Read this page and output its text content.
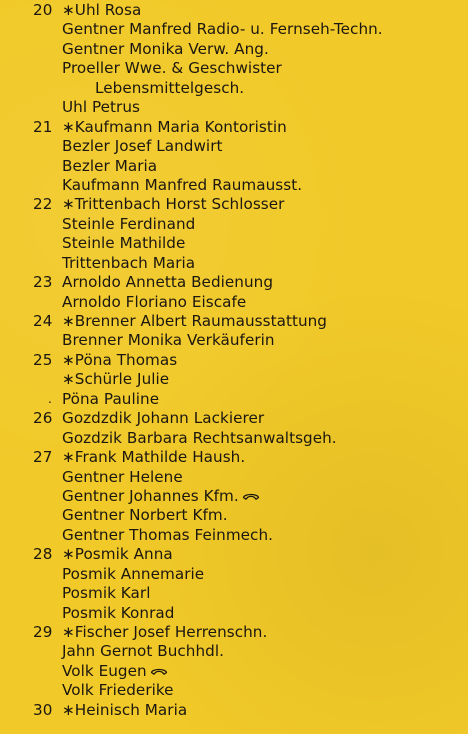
20 ∗Uhl Rosa
Gentner Manfred Radio- u. Fernseh-Techn.
Gentner Monika Verw. Ang.
Proeller Wwe. & Geschwister
Lebensmittelgesch.
Uhl Petrus
21 ∗Kaufmann Maria Kontoristin
Bezler Josef Landwirt
Bezler Maria
Kaufmann Manfred Raumausst.
22 ∗Trittenbach Horst Schlosser
Steinle Ferdinand
Steinle Mathilde
Trittenbach Maria
23 Arnoldo Annetta Bedienung
Arnoldo Floriano Eiscafe
24 ∗Brenner Albert Raumausstattung
Brenner Monika Verkäuferin
25 ∗Pöna Thomas
∗Schürle Julie
. Pöna Pauline
26 Gozdzdik Johann Lackierer
Gozdzik Barbara Rechtsanwaltsgeh.
27 ∗Frank Mathilde Haush.
Gentner Helene
Gentner Johannes Kfm.
Gentner Norbert Kfm.
Gentner Thomas Feinmech.
28 ∗Posmik Anna
Posmik Annemarie
Posmik Karl
Posmik Konrad
29 ∗Fischer Josef Herrenschn.
Jahn Gernot Buchhdl.
Volk Eugen
Volk Friederike
30 ∗Heinisch Maria
